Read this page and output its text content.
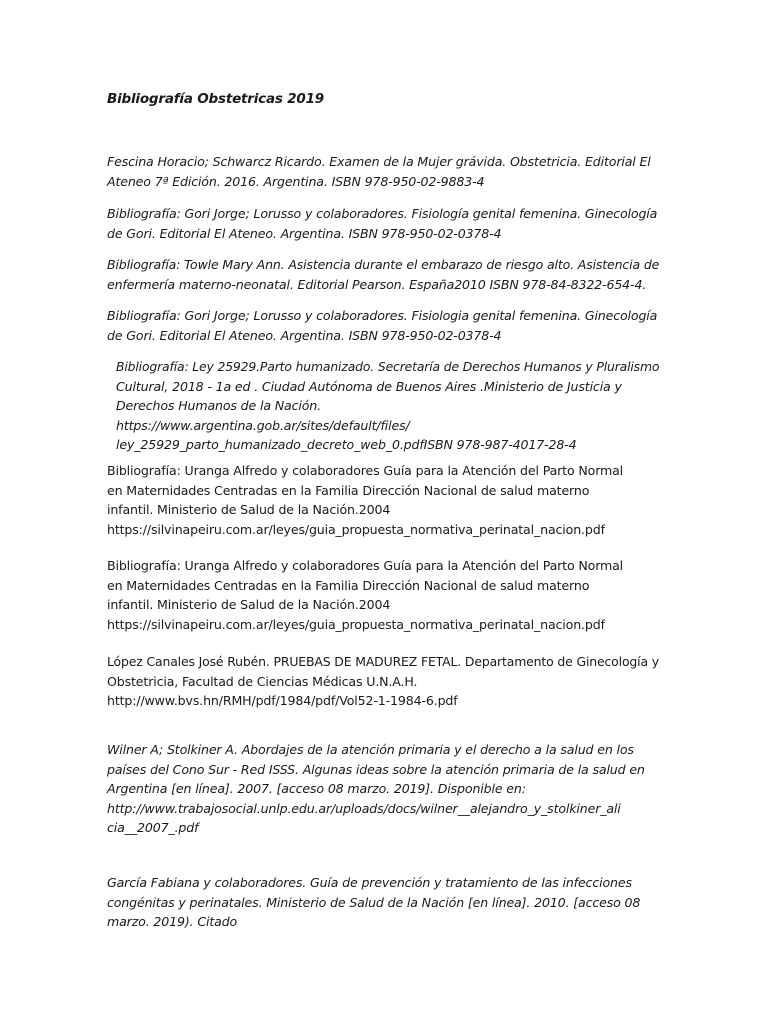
Bibliografía Obstetricas 2019
Fescina Horacio; Schwarcz Ricardo. Examen de la Mujer grávida. Obstetricia. Editorial El
Ateneo 7ª Edición. 2016. Argentina. ISBN 978-950-02-9883-4
Bibliografía: Gori Jorge; Lorusso y colaboradores. Fisiología genital femenina. Ginecología
de Gori. Editorial El Ateneo. Argentina. ISBN 978-950-02-0378-4
Bibliografía: Towle Mary Ann. Asistencia durante el embarazo de riesgo alto. Asistencia de
enfermería materno-neonatal. Editorial Pearson. España2010 ISBN 978-84-8322-654-4.
Bibliografía: Gori Jorge; Lorusso y colaboradores. Fisiologia genital femenina. Ginecología
de Gori. Editorial El Ateneo. Argentina. ISBN 978-950-02-0378-4
Bibliografía: Ley 25929.Parto humanizado. Secretaría de Derechos Humanos y Pluralismo
Cultural, 2018 - 1a ed . Ciudad Autónoma de Buenos Aires .Ministerio de Justicia y
Derechos Humanos de la Nación.
https://www.argentina.gob.ar/sites/default/files/
ley_25929_parto_humanizado_decreto_web_0.pdfISBN 978-987-4017-28-4
Bibliografía: Uranga Alfredo y colaboradores Guía para la Atención del Parto Normal
en Maternidades Centradas en la Familia Dirección Nacional de salud materno
infantil. Ministerio de Salud de la Nación.2004
https://silvinapeiru.com.ar/leyes/guia_propuesta_normativa_perinatal_nacion.pdf
Bibliografía: Uranga Alfredo y colaboradores Guía para la Atención del Parto Normal
en Maternidades Centradas en la Familia Dirección Nacional de salud materno
infantil. Ministerio de Salud de la Nación.2004
https://silvinapeiru.com.ar/leyes/guia_propuesta_normativa_perinatal_nacion.pdf
López Canales José Rubén. PRUEBAS DE MADUREZ FETAL. Departamento de Ginecología y
Obstetricia, Facultad de Ciencias Médicas U.N.A.H.
http://www.bvs.hn/RMH/pdf/1984/pdf/Vol52-1-1984-6.pdf
Wilner A; Stolkiner A. Abordajes de la atención primaria y el derecho a la salud en los
países del Cono Sur - Red ISSS. Algunas ideas sobre la atención primaria de la salud en
Argentina [en línea]. 2007. [acceso 08 marzo. 2019]. Disponible en:
http://www.trabajosocial.unlp.edu.ar/uploads/docs/wilner__alejandro_y_stolkiner_ali
cia__2007_.pdf
García Fabiana y colaboradores. Guía de prevención y tratamiento de las infecciones
congénitas y perinatales. Ministerio de Salud de la Nación [en línea]. 2010. [acceso 08
marzo. 2019). Citado
